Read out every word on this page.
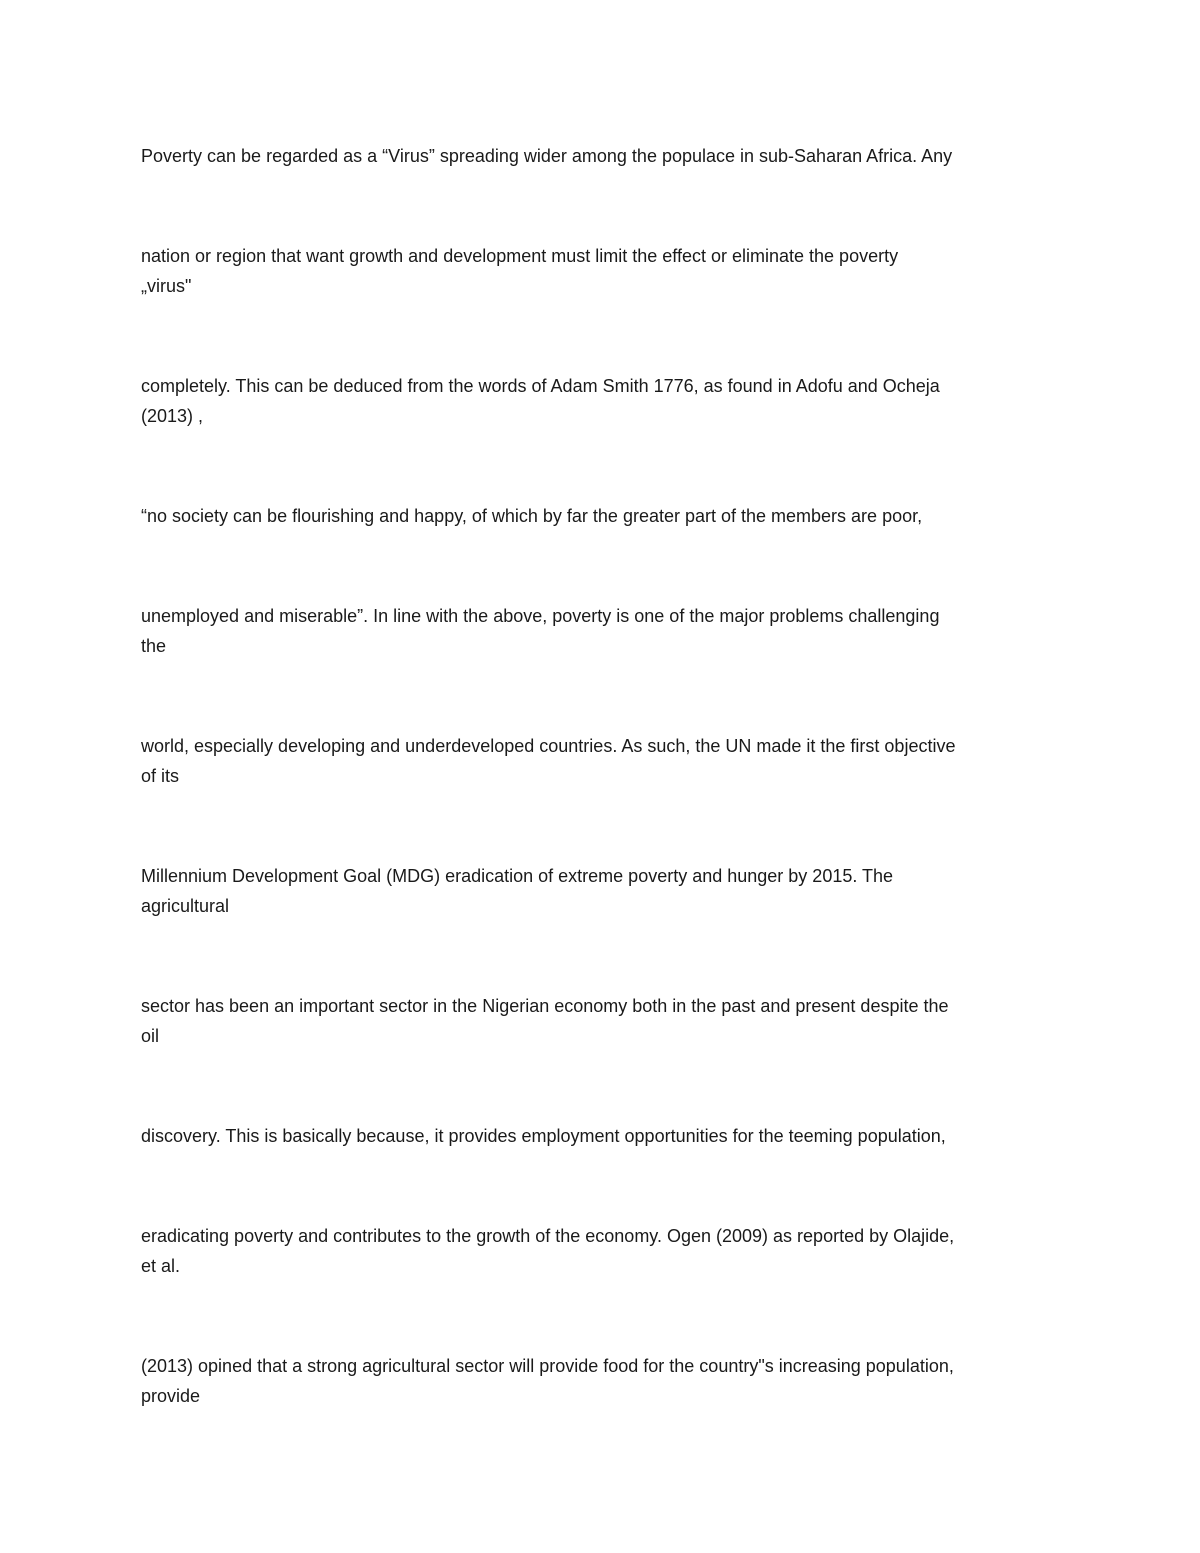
Poverty can be regarded as a “Virus” spreading wider among the populace in sub-Saharan Africa. Any

nation or region that want growth and development must limit the effect or eliminate the poverty
„virus"

completely. This can be deduced from the words of Adam Smith 1776, as found in Adofu and Ocheja
(2013) ,

“no society can be flourishing and happy, of which by far the greater part of the members are poor,

unemployed and miserable”. In line with the above, poverty is one of the major problems challenging
the

world, especially developing and underdeveloped countries. As such, the UN made it the first objective
of its

Millennium Development Goal (MDG) eradication of extreme poverty and hunger by 2015. The
agricultural

sector has been an important sector in the Nigerian economy both in the past and present despite the
oil

discovery. This is basically because, it provides employment opportunities for the teeming population,

eradicating poverty and contributes to the growth of the economy. Ogen (2009) as reported by Olajide,
et al.

(2013) opined that a strong agricultural sector will provide food for the country"s increasing population,
provide
